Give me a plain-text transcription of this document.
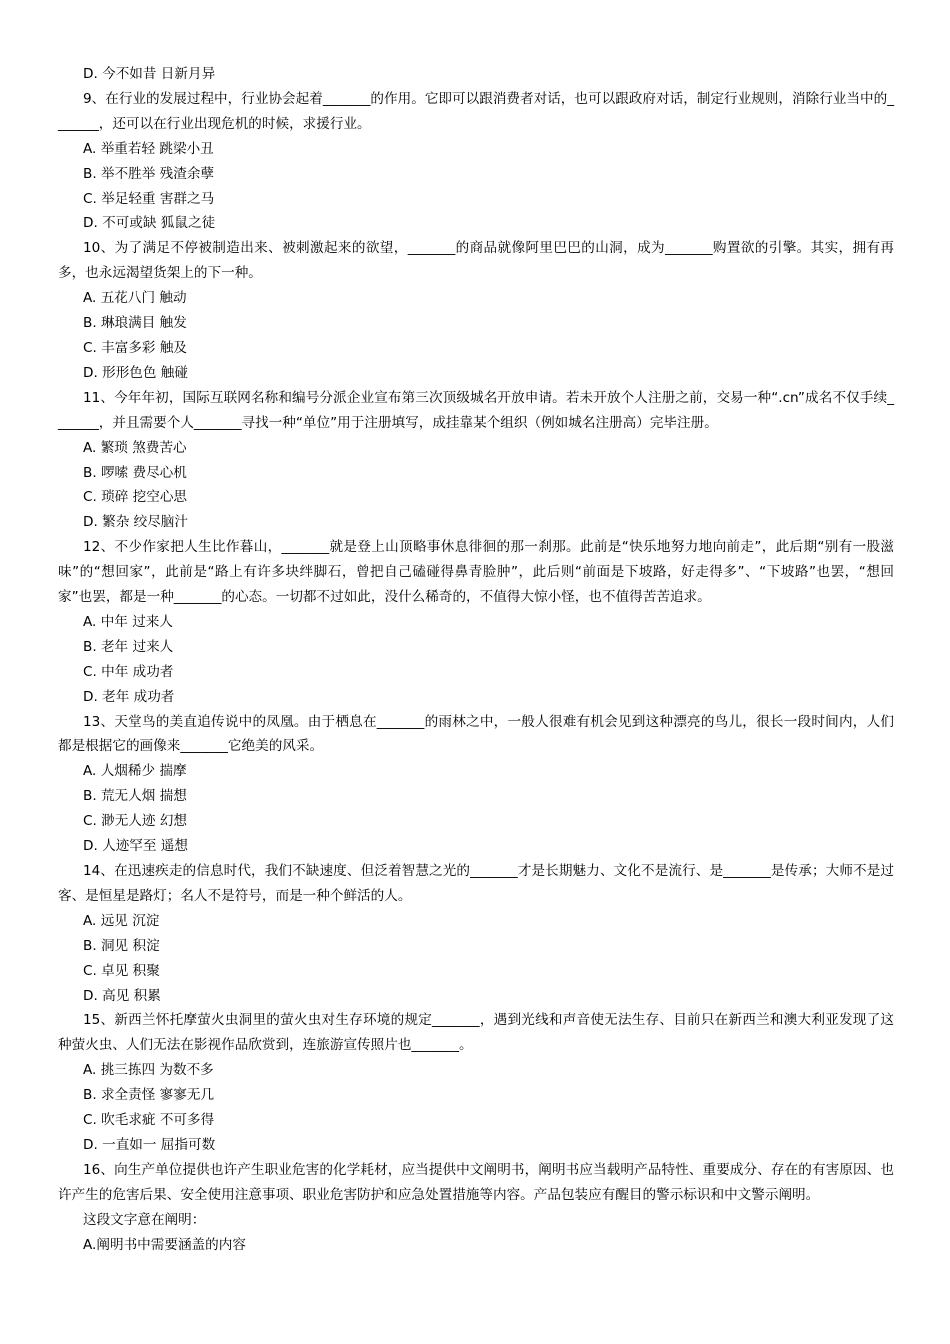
D. 今不如昔 日新月异
9、在行业的发展过程中，行业协会起着_______的作用。它即可以跟消费者对话，也可以跟政府对话，制定行业规则，消除行业当中的_______，还可以在行业出现危机的时候，求援行业。
A. 举重若轻 跳梁小丑
B. 举不胜举 残渣余孽
C. 举足轻重 害群之马
D. 不可或缺 狐鼠之徒
10、为了满足不停被制造出来、被刺激起来的欲望，_______的商品就像阿里巴巴的山洞，成为_______购置欲的引擎。其实，拥有再多，也永远渴望货架上的下一种。
A. 五花八门 触动
B. 琳琅满目 触发
C. 丰富多彩 触及
D. 形形色色 触碰
11、今年年初，国际互联网名称和编号分派企业宣布第三次顶级城名开放申请。若未开放个人注册之前，交易一种“.cn”成名不仅手续_______，并且需要个人_______寻找一种“单位”用于注册填写，成挂靠某个组织（例如城名注册高）完毕注册。
A. 繁琐 煞费苦心
B. 啰嗦 费尽心机
C. 琐碎 挖空心思
D. 繁杂 绞尽脑汁
12、不少作家把人生比作暮山，_______就是登上山顶略事休息徘徊的那一刹那。此前是“快乐地努力地向前走”，此后期“别有一股滋味”的“想回家”，此前是“路上有许多块绊脚石，曾把自己磕碰得鼻青脸肿”，此后则“前面是下坡路，好走得多”、“下坡路”也罢，“想回家”也罢，都是一种_______的心态。一切都不过如此，没什么稀奇的，不值得大惊小怪，也不值得苦苦追求。
A. 中年 过来人
B. 老年 过来人
C. 中年 成功者
D. 老年 成功者
13、天堂鸟的美直追传说中的凤凰。由于栖息在_______的雨林之中，一般人很难有机会见到这种漂亮的鸟儿，很长一段时间内，人们都是根据它的画像来_______它绝美的风采。
A. 人烟稀少 揣摩
B. 荒无人烟 揣想
C. 渺无人迹 幻想
D. 人迹罕至 遥想
14、在迅速疾走的信息时代，我们不缺速度、但泛着智慧之光的_______才是长期魅力、文化不是流行、是_______是传承；大师不是过客、是恒星是路灯；名人不是符号，而是一种个鲜活的人。
A. 远见 沉淀
B. 洞见 积淀
C. 卓见 积聚
D. 高见 积累
15、新西兰怀托摩萤火虫洞里的萤火虫对生存环境的规定_______，遇到光线和声音使无法生存、目前只在新西兰和澳大利亚发现了这种萤火虫、人们无法在影视作品欣赏到，连旅游宣传照片也_______。
A. 挑三拣四 为数不多
B. 求全责怪 寥寥无几
C. 吹毛求疵 不可多得
D. 一直如一 屈指可数
16、向生产单位提供也许产生职业危害的化学耗材，应当提供中文阐明书，阐明书应当载明产品特性、重要成分、存在的有害原因、也许产生的危害后果、安全使用注意事项、职业危害防护和应急处置措施等内容。产品包装应有醒目的警示标识和中文警示阐明。
这段文字意在阐明：
A.阐明书中需要涵盖的内容
